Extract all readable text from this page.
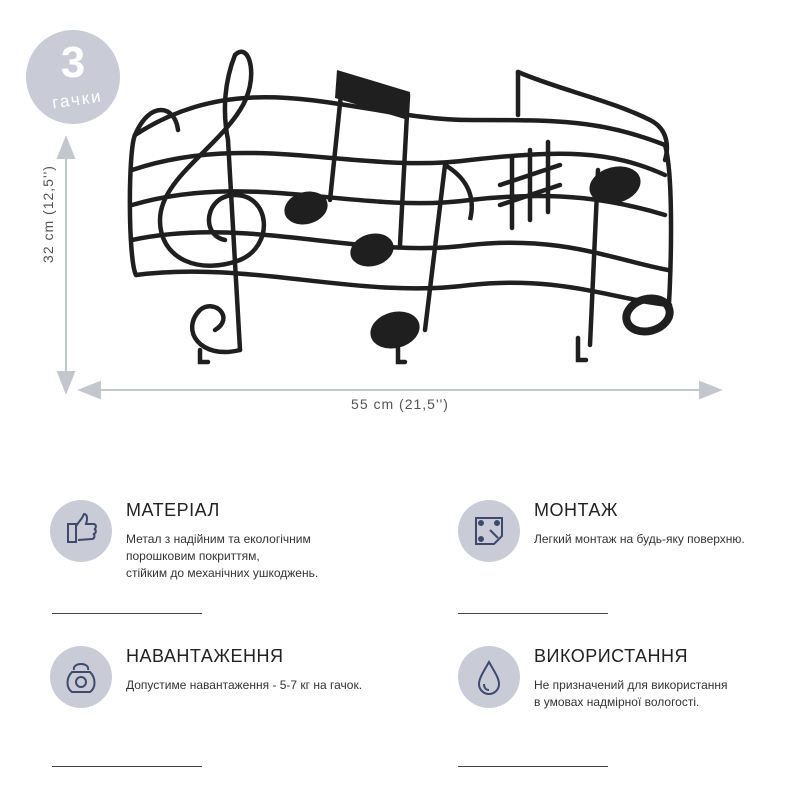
3
гачки
32 cm (12,5'')
55 cm (21,5'')
МАТЕРІАЛ
Метал з надійним та екологічним
порошковим покриттям,
стійким до механічних ушкоджень.
МОНТАЖ
Легкий монтаж на будь-яку поверхню.
НАВАНТАЖЕННЯ
Допустиме навантаження - 5-7 кг на гачок.
ВИКОРИСТАННЯ
Не призначений для використання
в умовах надмірної вологості.
